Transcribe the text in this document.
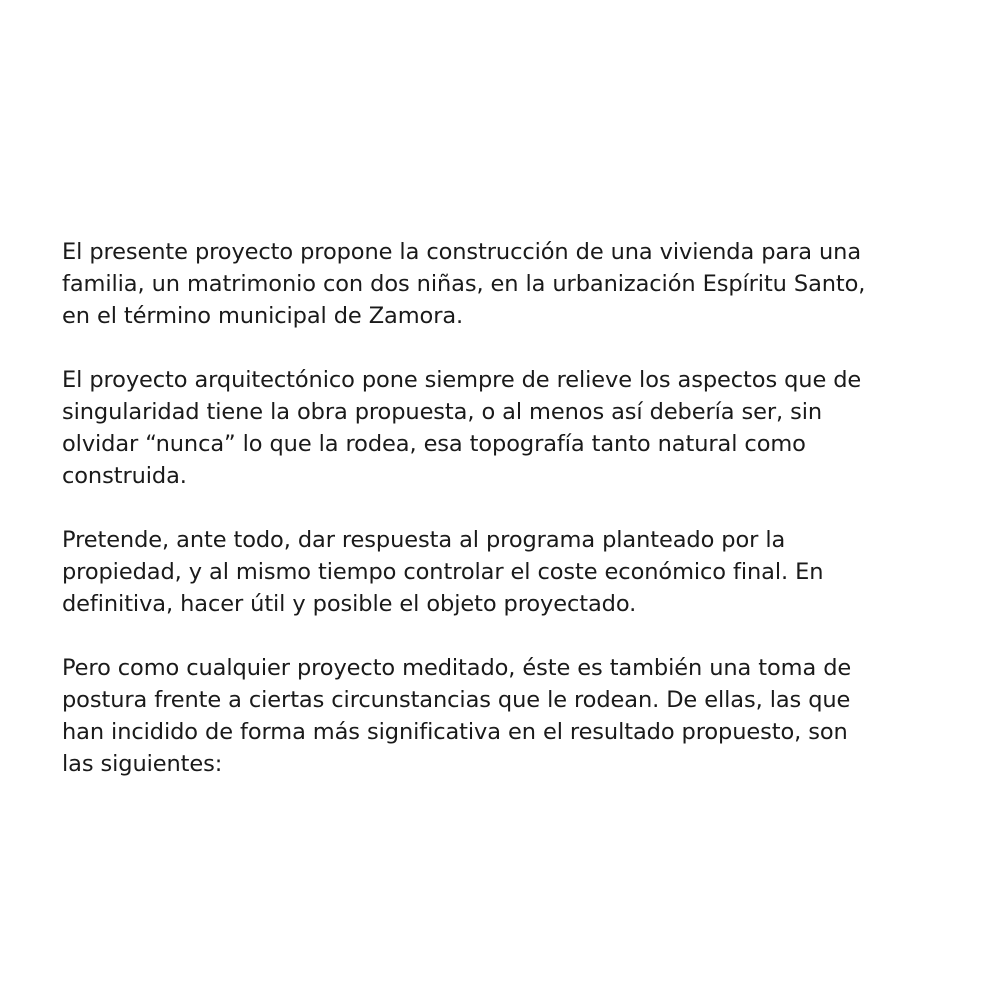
El presente proyecto propone la construcción de una vivienda para una
familia, un matrimonio con dos niñas, en la urbanización Espíritu Santo,
en el término municipal de Zamora.

El proyecto arquitectónico pone siempre de relieve los aspectos que de
singularidad tiene la obra propuesta, o al menos así debería ser, sin
olvidar “nunca” lo que la rodea, esa topografía tanto natural como
construida.

Pretende, ante todo, dar respuesta al programa planteado por la
propiedad, y al mismo tiempo controlar el coste económico final. En
definitiva, hacer útil y posible el objeto proyectado.

Pero como cualquier proyecto meditado, éste es también una toma de
postura frente a ciertas circunstancias que le rodean. De ellas, las que
han incidido de forma más significativa en el resultado propuesto, son
las siguientes:
